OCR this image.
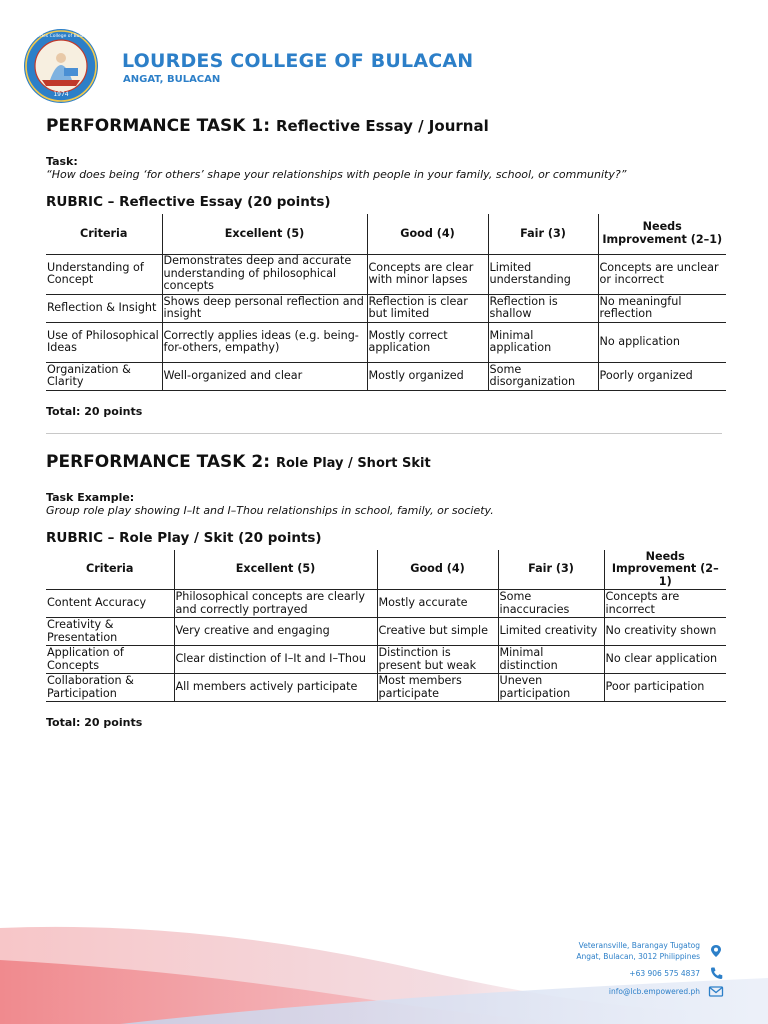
1974
Lourdes College of Bulacan
LOURDES COLLEGE OF BULACAN
ANGAT, BULACAN
PERFORMANCE TASK 1: Reflective Essay / Journal
Task:
“How does being ‘for others’ shape your relationships with people in your family, school, or community?”
RUBRIC – Reflective Essay (20 points)
Criteria	Excellent (5)	Good (4)	Fair (3)	Needs Improvement (2–1)
Understanding of Concept	Demonstrates deep and accurate understanding of philosophical concepts	Concepts are clear with minor lapses	Limited understanding	Concepts are unclear or incorrect
Reflection & Insight	Shows deep personal reflection and insight	Reflection is clear but limited	Reflection is shallow	No meaningful reflection
Use of Philosophical Ideas	Correctly applies ideas (e.g. being-for-others, empathy)	Mostly correct application	Minimal application	No application
Organization & Clarity	Well-organized and clear	Mostly organized	Some disorganization	Poorly organized
Total: 20 points
PERFORMANCE TASK 2: Role Play / Short Skit
Task Example:
Group role play showing I–It and I–Thou relationships in school, family, or society.
RUBRIC – Role Play / Skit (20 points)
Criteria	Excellent (5)	Good (4)	Fair (3)	Needs Improvement (2–1)
Content Accuracy	Philosophical concepts are clearly and correctly portrayed	Mostly accurate	Some inaccuracies	Concepts are incorrect
Creativity & Presentation	Very creative and engaging	Creative but simple	Limited creativity	No creativity shown
Application of Concepts	Clear distinction of I–It and I–Thou	Distinction is present but weak	Minimal distinction	No clear application
Collaboration & Participation	All members actively participate	Most members participate	Uneven participation	Poor participation
Total: 20 points
Veteransville, Barangay Tugatog
Angat, Bulacan, 3012 Philippines
+63 906 575 4837
info@lcb.empowered.ph
